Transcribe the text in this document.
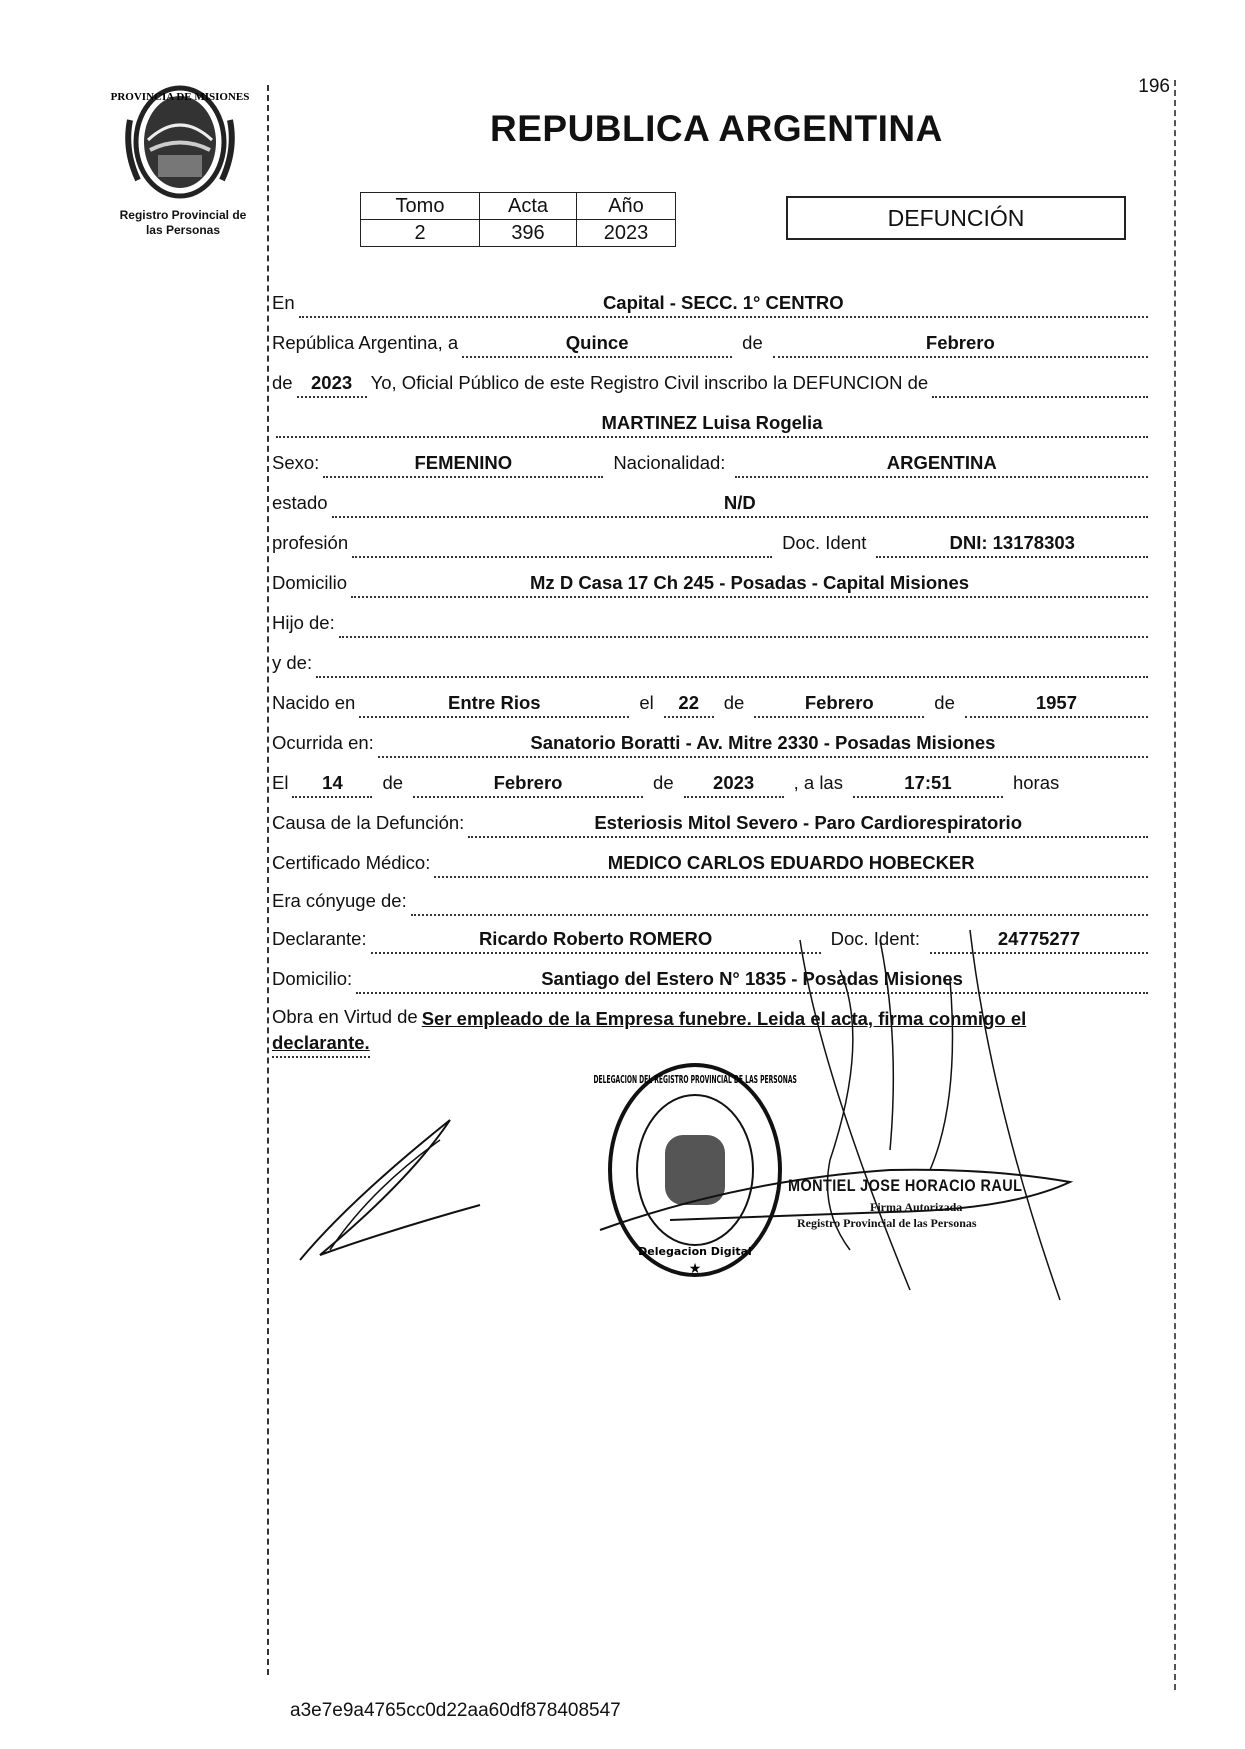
196
PROVINCIA DE MISIONES
Registro Provincial de
las Personas
REPUBLICA ARGENTINA
Tomo	Acta	Año
2	396	2023
DEFUNCIÓN
En	Capital - SECC. 1° CENTRO
República Argentina, a	Quince	de	Febrero
de 2023 Yo, Oficial Público de este Registro Civil inscribo la DEFUNCION de
MARTINEZ Luisa Rogelia
Sexo:	FEMENINO	Nacionalidad:	ARGENTINA
estado	N/D
profesión	Doc. Ident	DNI: 13178303
Domicilio	Mz D Casa 17 Ch 245 - Posadas - Capital Misiones
Hijo de:
y de:
Nacido en	Entre Rios	el	22	de	Febrero	de	1957
Ocurrida en:	Sanatorio Boratti - Av. Mitre 2330 - Posadas Misiones
El	14	de	Febrero	de	2023	, a las	17:51	horas
Causa de la Defunción:	Esteriosis Mitol Severo - Paro Cardiorespiratorio
Certificado Médico:	MEDICO CARLOS EDUARDO HOBECKER
Era cónyuge de:
Declarante:	Ricardo Roberto ROMERO	Doc. Ident:	24775277
Domicilio:	Santiago del Estero N° 1835 - Posadas Misiones
Obra en Virtud de Ser empleado de la Empresa funebre. Leida el acta, firma conmigo el
declarante.
DELEGACION DEL REGISTRO PROVINCIAL DE LAS PERSONAS
Delegacion Digital
★
MONTIEL JOSE HORACIO RAUL
Firma Autorizada
Registro Provincial de las Personas
a3e7e9a4765cc0d22aa60df878408547
